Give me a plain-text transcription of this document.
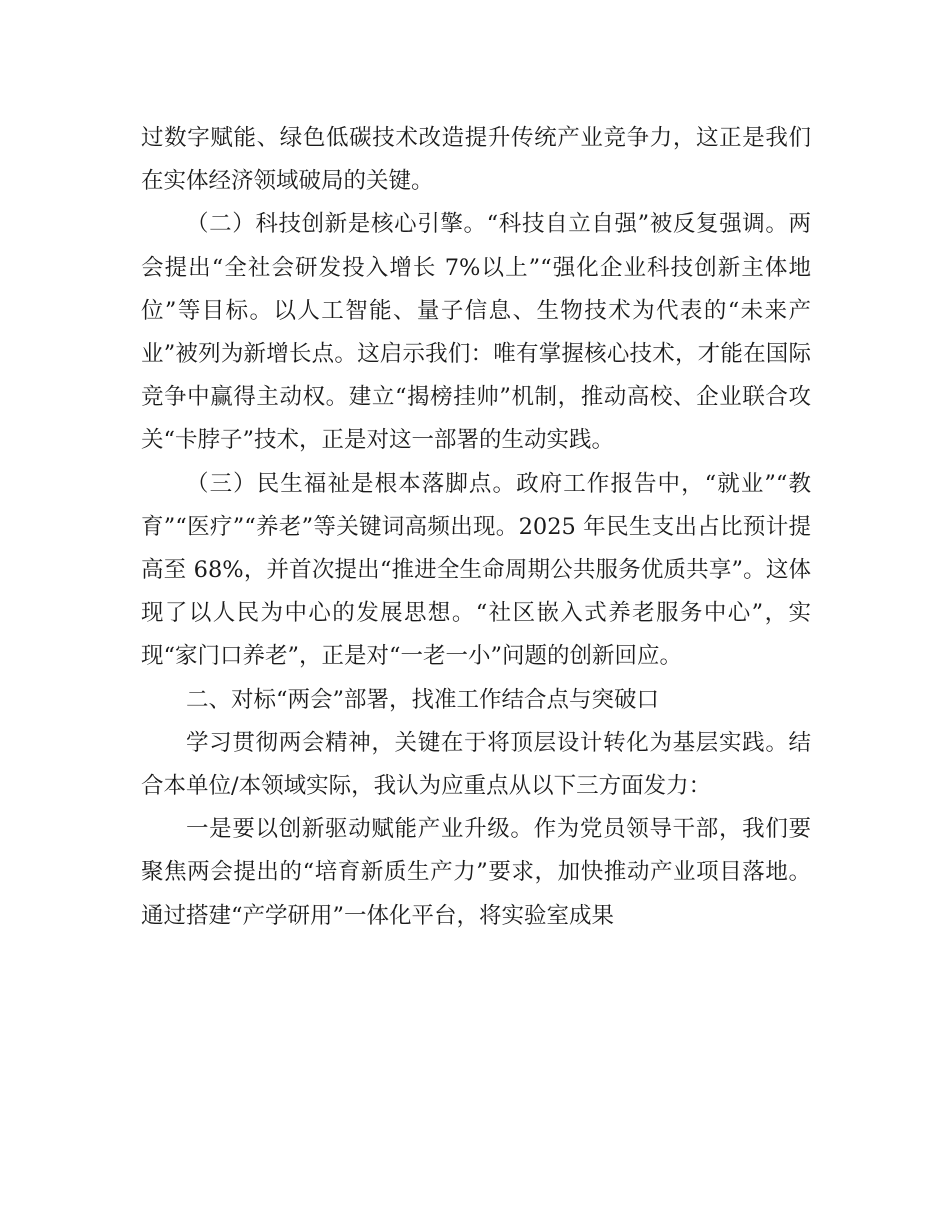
过数字赋能、绿色低碳技术改造提升传统产业竞争力，这正是我们在实体经济领域破局的关键。

（二）科技创新是核心引擎。“科技自立自强”被反复强调。两会提出“全社会研发投入增长 7%以上”“强化企业科技创新主体地位”等目标。以人工智能、量子信息、生物技术为代表的“未来产业”被列为新增长点。这启示我们：唯有掌握核心技术，才能在国际竞争中赢得主动权。建立“揭榜挂帅”机制，推动高校、企业联合攻关“卡脖子”技术，正是对这一部署的生动实践。

（三）民生福祉是根本落脚点。政府工作报告中，“就业”“教育”“医疗”“养老”等关键词高频出现。2025 年民生支出占比预计提高至 68%，并首次提出“推进全生命周期公共服务优质共享”。这体现了以人民为中心的发展思想。“社区嵌入式养老服务中心”，实现“家门口养老”，正是对“一老一小”问题的创新回应。

二、对标“两会”部署，找准工作结合点与突破口

学习贯彻两会精神，关键在于将顶层设计转化为基层实践。结合本单位/本领域实际，我认为应重点从以下三方面发力：

一是要以创新驱动赋能产业升级。作为党员领导干部，我们要聚焦两会提出的“培育新质生产力”要求，加快推动产业项目落地。通过搭建“产学研用”一体化平台，将实验室成果
